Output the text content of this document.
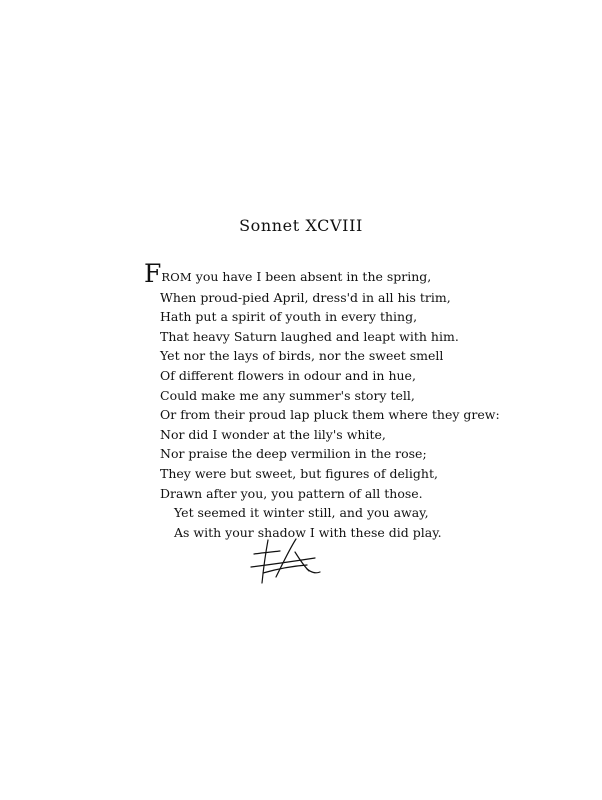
Sonnet XCVIII
FROM you have I been absent in the spring,
When proud-pied April, dress'd in all his trim,
Hath put a spirit of youth in every thing,
That heavy Saturn laughed and leapt with him.
Yet nor the lays of birds, nor the sweet smell
Of different flowers in odour and in hue,
Could make me any summer's story tell,
Or from their proud lap pluck them where they grew:
Nor did I wonder at the lily's white,
Nor praise the deep vermilion in the rose;
They were but sweet, but figures of delight,
Drawn after you, you pattern of all those.
Yet seemed it winter still, and you away,
As with your shadow I with these did play.
